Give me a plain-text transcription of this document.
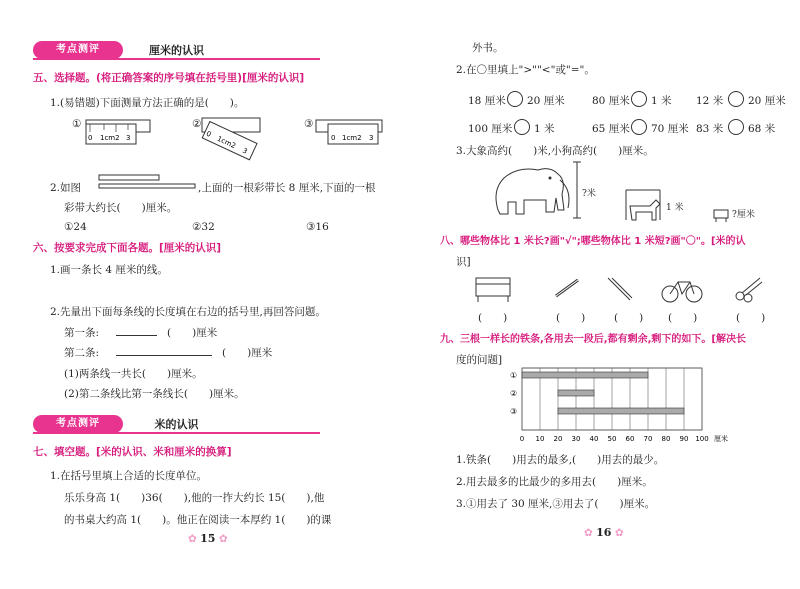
考点测评	厘米的认识
五、选择题。(将正确答案的序号填在括号里)[厘米的认识]
1.(易错题)下面测量方法正确的是(　　)。
①
0 1cm2 3
②
0
1cm2
3
③
0 1cm2 3
2.如图	,上面的一根彩带长 8 厘米,下面的一根
彩带大约长(　　)厘米。
①24	②32	③16
六、按要求完成下面各题。[厘米的认识]
1.画一条长 4 厘米的线。
2.先量出下面每条线的长度填在右边的括号里,再回答问题。
第一条:	(　　)厘米
第二条:	(　　)厘米
(1)两条线一共长(　　)厘米。
(2)第二条线比第一条线长(　　)厘米。
考点测评	米的认识
七、填空题。[米的认识、米和厘米的换算]
1.在括号里填上合适的长度单位。
乐乐身高 1(　　)36(　　),他的一拃大约长 15(　　),他
的书桌大约高 1(　　)。他正在阅读一本厚约 1(　　)的课
✿ 15 ✿
外书。
2.在〇里填上">""<"或"="。
18 厘米 20 厘米	80 厘米 1 米 12 米 20 厘米
100 厘米 1 米	65 厘米 70 厘米 83 米 68 米
3.大象高约(　　)米,小狗高约(　　)厘米。
?米
1 米
?厘米
八、哪些物体比 1 米长?画"√";哪些物体比 1 米短?画"〇"。[米的认
识]
(　　)	(　　)	(　　) (　　)	(　　)
九、三根一样长的铁条,各用去一段后,都有剩余,剩下的如下。[解决长
度的问题]
0 10 20 30 40 50 60 70 80 90 100 厘米
①
②
③
1.铁条(　　)用去的最多,(　　)用去的最少。
2.用去最多的比最少的多用去(　　)厘米。
3.①用去了 30 厘米,③用去了(　　)厘米。
✿ 16 ✿
